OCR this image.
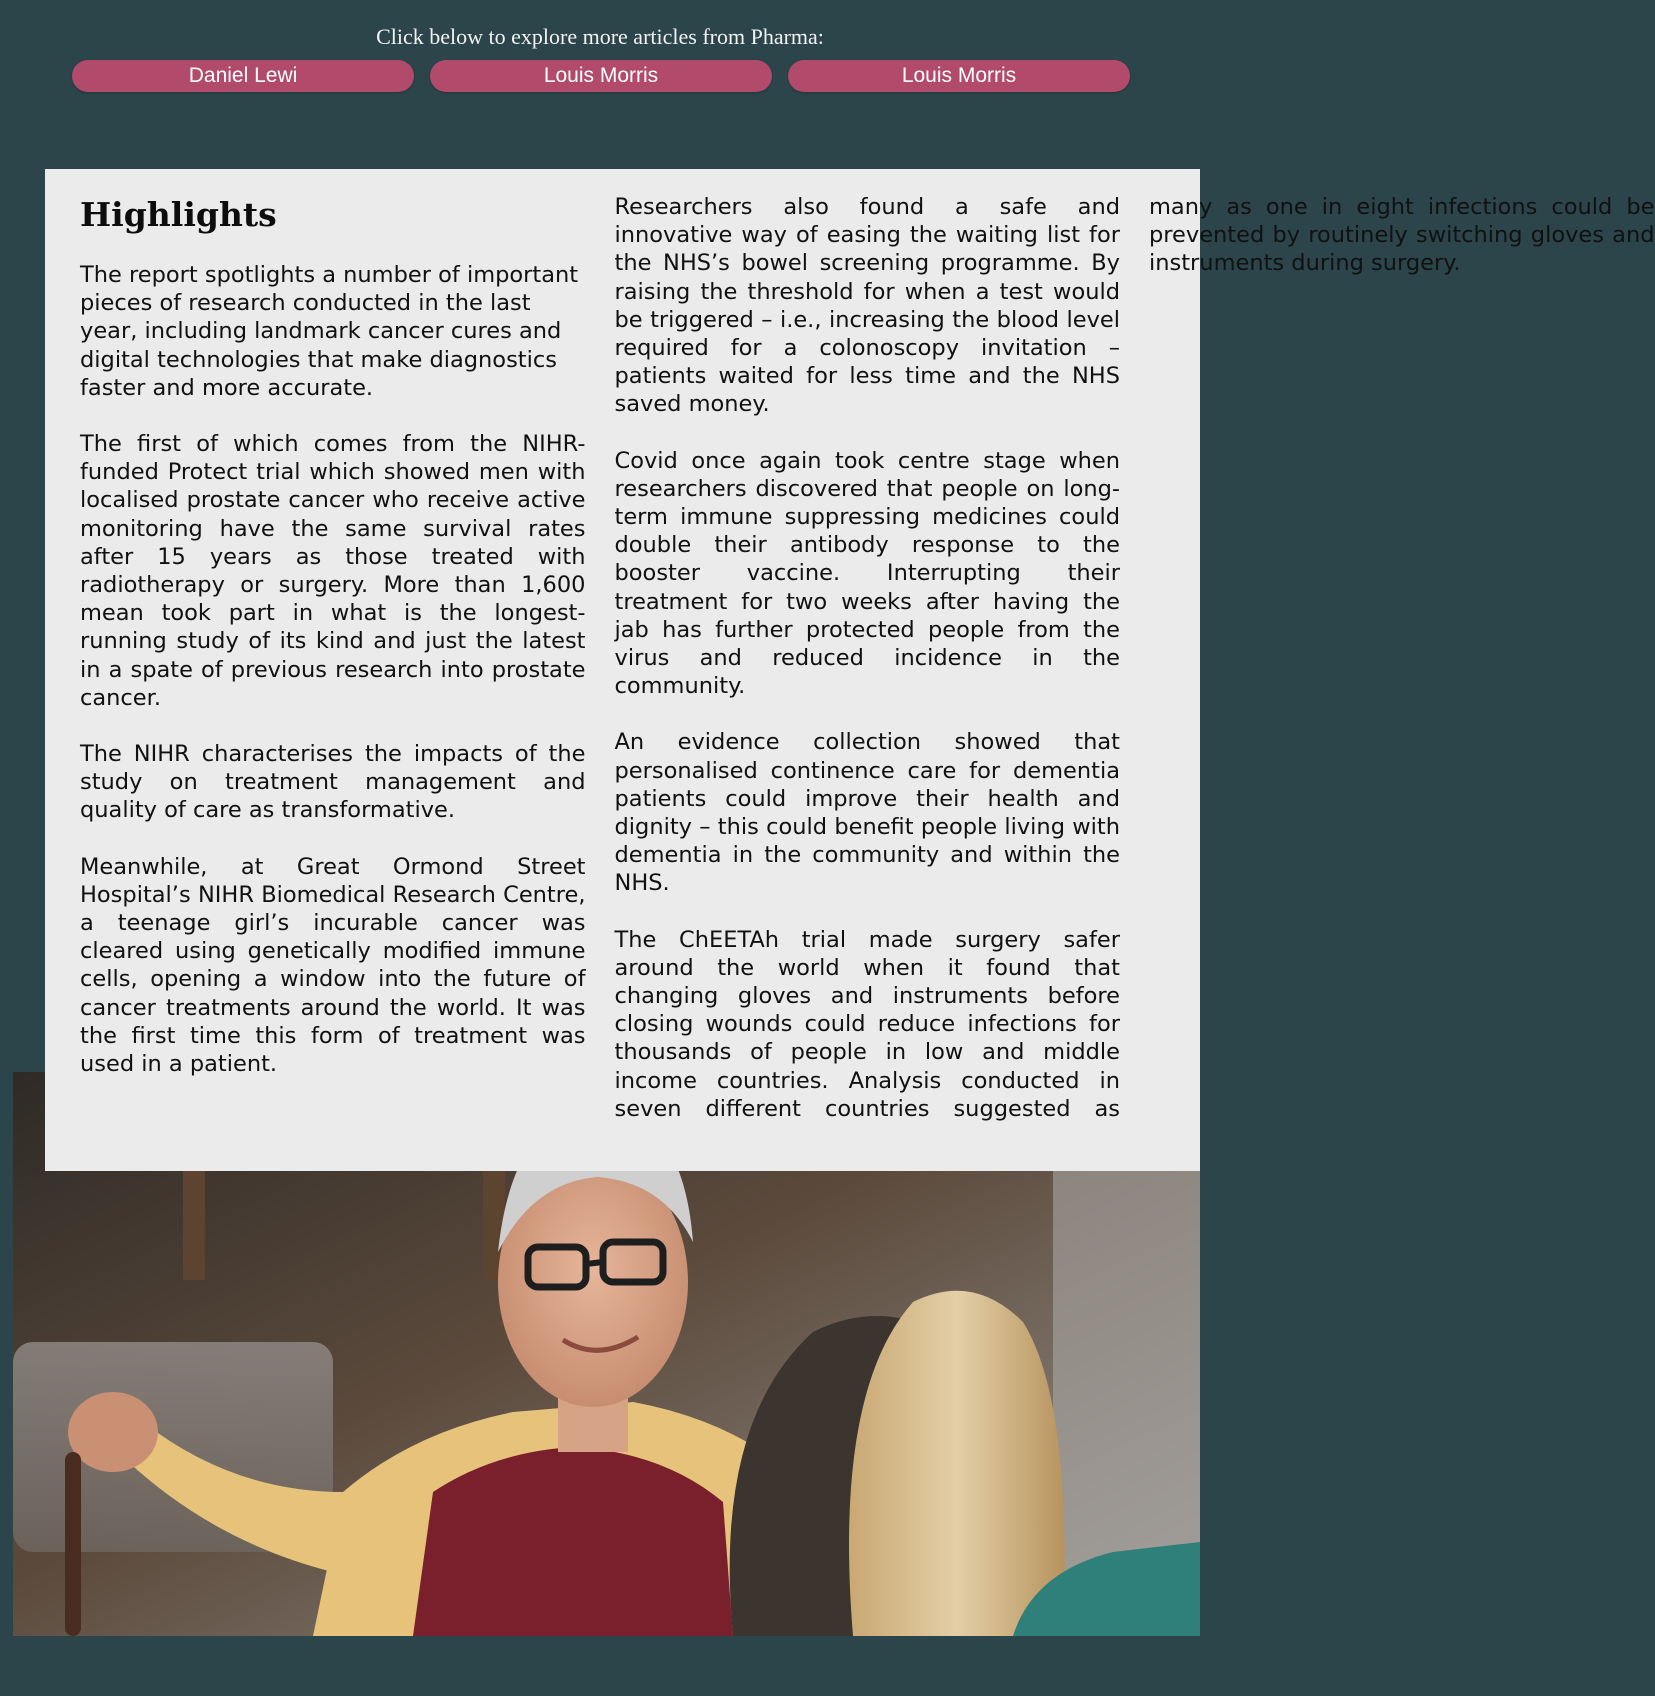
Click below to explore more articles from Pharma:

Daniel Lewi	Louis Morris	Louis Morris
Highlights

The report spotlights a number of important pieces of research conducted in the last year, including landmark cancer cures and digital technologies that make diagnostics faster and more accurate.

The first of which comes from the NIHR-funded Protect trial which showed men with localised prostate cancer who receive active monitoring have the same survival rates after 15 years as those treated with radiotherapy or surgery. More than 1,600 mean took part in what is the longest-running study of its kind and just the latest in a spate of previous research into prostate cancer.

The NIHR characterises the impacts of the study on treatment management and quality of care as transformative.

Meanwhile, at Great Ormond Street Hospital’s NIHR Biomedical Research Centre, a teenage girl’s incurable cancer was cleared using genetically modified immune cells, opening a window into the future of cancer treatments around the world. It was the first time this form of treatment was used in a patient.

Researchers also found a safe and innovative way of easing the waiting list for the NHS’s bowel screening programme. By raising the threshold for when a test would be triggered – i.e., increasing the blood level required for a colonoscopy invitation – patients waited for less time and the NHS saved money.

Covid once again took centre stage when researchers discovered that people on long-term immune suppressing medicines could double their antibody response to the booster vaccine. Interrupting their treatment for two weeks after having the jab has further protected people from the virus and reduced incidence in the community.

An evidence collection showed that personalised continence care for dementia patients could improve their health and dignity – this could benefit people living with dementia in the community and within the NHS.

The ChEETAh trial made surgery safer around the world when it found that changing gloves and instruments before closing wounds could reduce infections for thousands of people in low and middle income countries. Analysis conducted in seven different countries suggested as many as one in eight infections could be prevented by routinely switching gloves and instruments during surgery.
